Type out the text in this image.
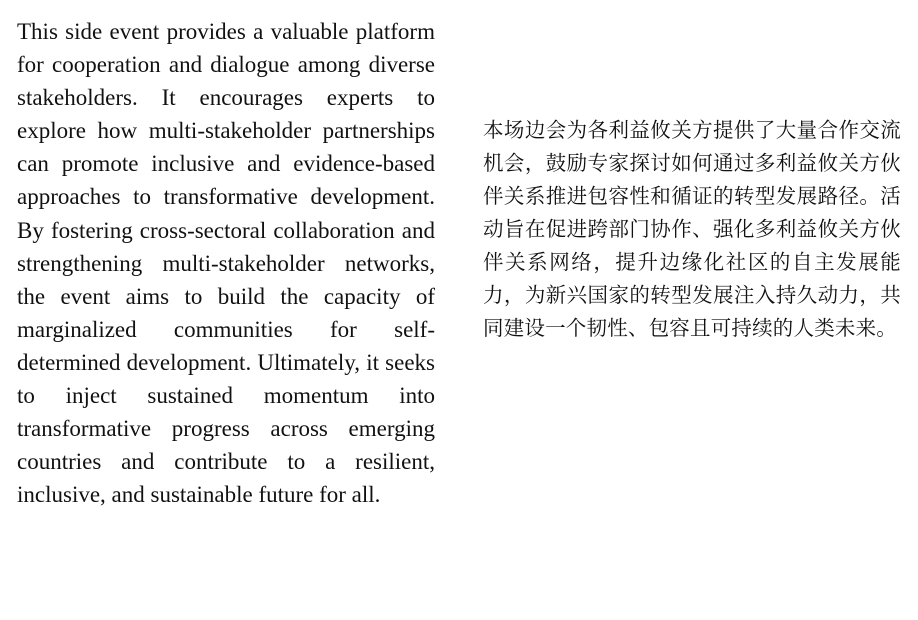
This side event provides a valuable platform for cooperation and dialogue among diverse stakeholders. It encourages experts to explore how multi-stakeholder partnerships can promote inclusive and evidence-based approaches to transformative development. By fostering cross-sectoral collaboration and strengthening multi-stakeholder networks, the event aims to build the capacity of marginalized communities for self-determined development. Ultimately, it seeks to inject sustained momentum into transformative progress across emerging countries and contribute to a resilient, inclusive, and sustainable future for all.

本场边会为各利益攸关方提供了大量合作交流机会，鼓励专家探讨如何通过多利益攸关方伙伴关系推进包容性和循证的转型发展路径。活动旨在促进跨部门协作、强化多利益攸关方伙伴关系网络，提升边缘化社区的自主发展能力，为新兴国家的转型发展注入持久动力，共同建设一个韧性、包容且可持续的人类未来。
